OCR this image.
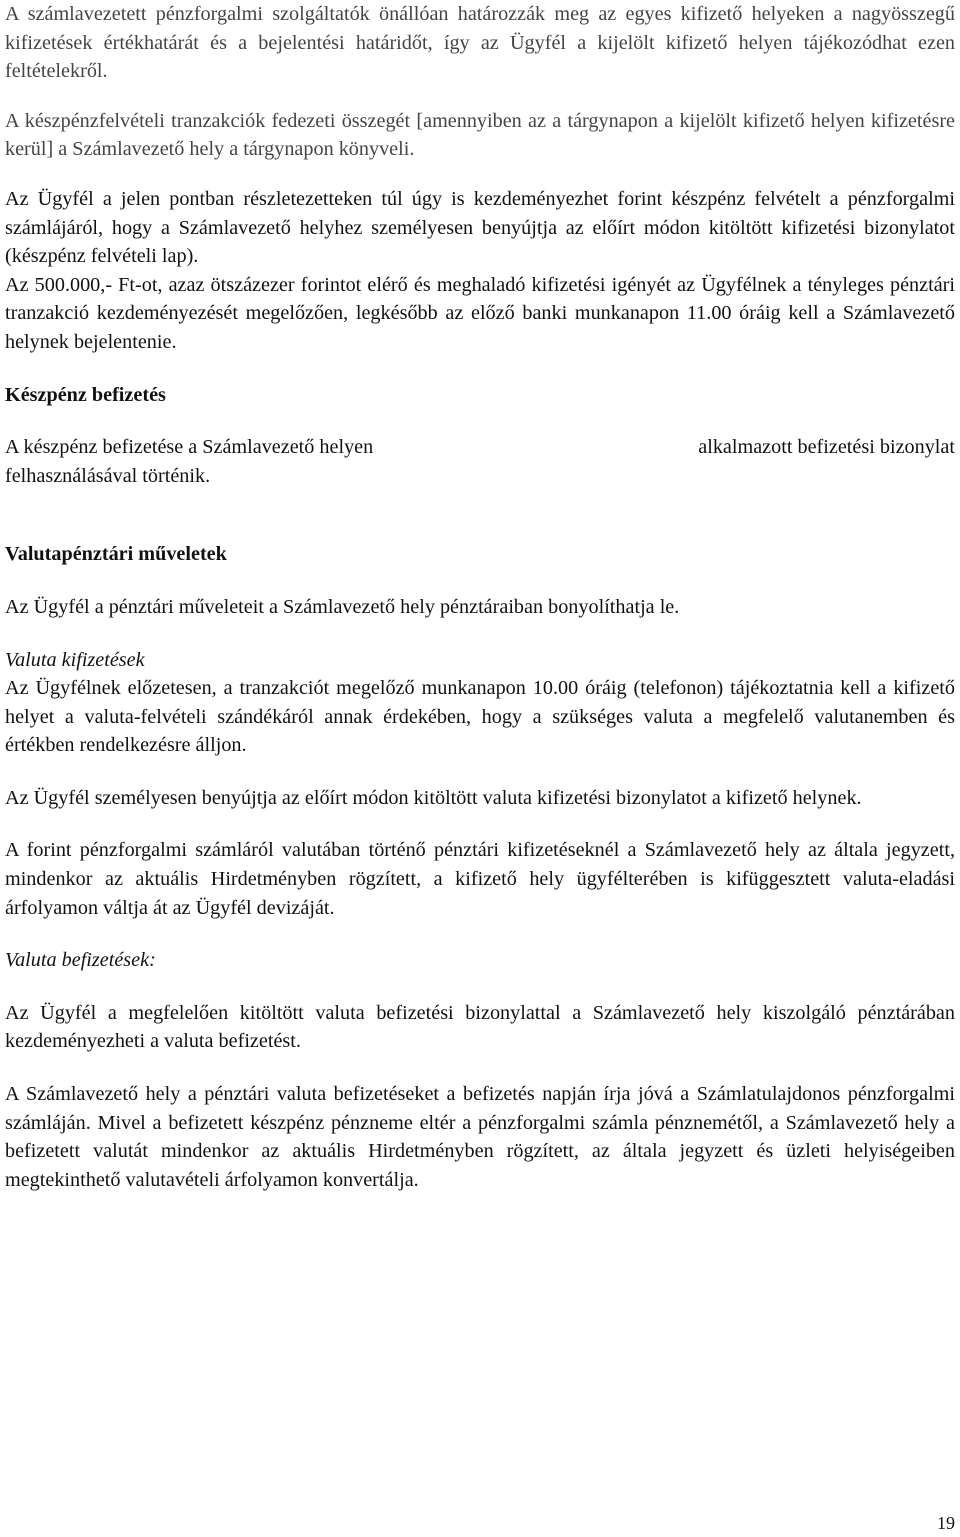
A számlavezetett pénzforgalmi szolgáltatók önállóan határozzák meg az egyes kifizető helyeken a nagyösszegű kifizetések értékhatárát és a bejelentési határidőt, így az Ügyfél a kijelölt kifizető helyen tájékozódhat ezen feltételekről.

A készpénzfelvételi tranzakciók fedezeti összegét [amennyiben az a tárgynapon a kijelölt kifizető helyen kifizetésre kerül] a Számlavezető hely a tárgynapon könyveli.

Az Ügyfél a jelen pontban részletezetteken túl úgy is kezdeményezhet forint készpénz felvételt a pénzforgalmi számlájáról, hogy a Számlavezető helyhez személyesen benyújtja az előírt módon kitöltött kifizetési bizonylatot (készpénz felvételi lap).

Az 500.000,- Ft-ot, azaz ötszázezer forintot elérő és meghaladó kifizetési igényét az Ügyfélnek a tényleges pénztári tranzakció kezdeményezését megelőzően, legkésőbb az előző banki munkanapon 11.00 óráig kell a Számlavezető helynek bejelentenie.

Készpénz befizetés

A készpénz befizetése a Számlavezető helyen	alkalmazott befizetési bizonylat
felhasználásával történik.

Valutapénztári műveletek

Az Ügyfél a pénztári műveleteit a Számlavezető hely pénztáraiban bonyolíthatja le.

Valuta kifizetések

Az Ügyfélnek előzetesen, a tranzakciót megelőző munkanapon 10.00 óráig (telefonon) tájékoztatnia kell a kifizető helyet a valuta-felvételi szándékáról annak érdekében, hogy a szükséges valuta a megfelelő valutanemben és értékben rendelkezésre álljon.

Az Ügyfél személyesen benyújtja az előírt módon kitöltött valuta kifizetési bizonylatot a kifizető helynek.

A forint pénzforgalmi számláról valutában történő pénztári kifizetéseknél a Számlavezető hely az általa jegyzett, mindenkor az aktuális Hirdetményben rögzített, a kifizető hely ügyfélterében is kifüggesztett valuta-eladási árfolyamon váltja át az Ügyfél devizáját.

Valuta befizetések:

Az Ügyfél a megfelelően kitöltött valuta befizetési bizonylattal a Számlavezető hely kiszolgáló pénztárában kezdeményezheti a valuta befizetést.

A Számlavezető hely a pénztári valuta befizetéseket a befizetés napján írja jóvá a Számlatulajdonos pénzforgalmi számláján. Mivel a befizetett készpénz pénzneme eltér a pénzforgalmi számla pénznemétől, a Számlavezető hely a befizetett valutát mindenkor az aktuális Hirdetményben rögzített, az általa jegyzett és üzleti helyiségeiben megtekinthető valutavételi árfolyamon konvertálja.

19
